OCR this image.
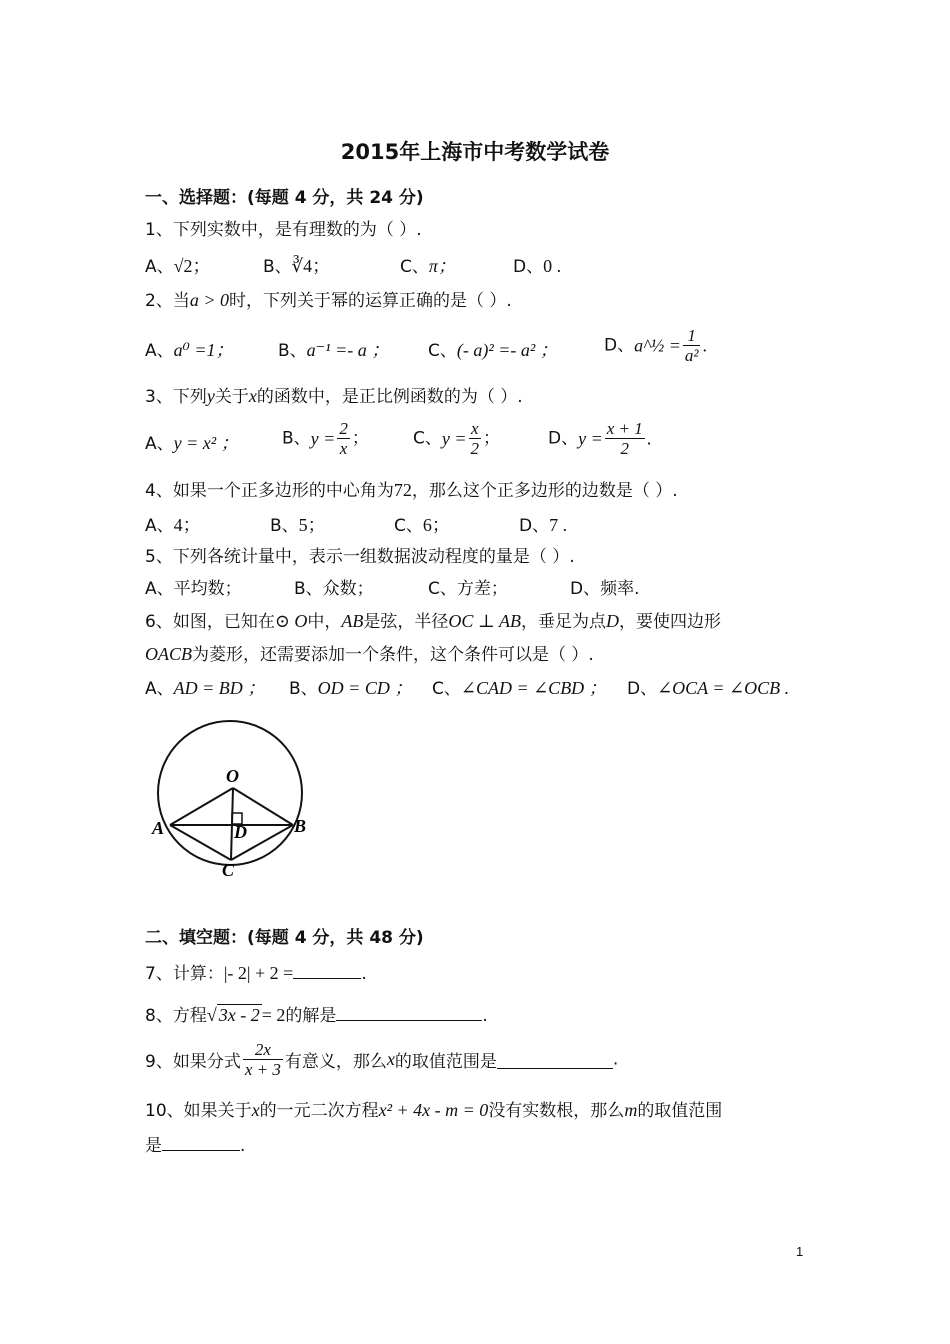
2015年上海市中考数学试卷
一、选择题：(每题 4 分，共 24 分)
1、下列实数中，是有理数的为（ ）.
A、√2；	B、∛4；	C、π；	D、0 .
2、当a > 0时，下列关于幂的运算正确的是（ ）.
A、a⁰ =1；	B、a⁻¹ =- a ； C、(- a)² =- a² ；	D、a^½ = $\frac{1}{\text{a²}}$ .
3、下列y关于x的函数中，是正比例函数的为（ ）.
A、y = x² ；	B、$y = \frac{2}{x}$ ；	C、$y = \frac{x}{2}$ ；	D、$y = \frac{x + 1}{2}$ .
4、如果一个正多边形的中心角为72，那么这个正多边形的边数是（ ）.
A、4；	B、5；	C、6；	D、7 .
5、下列各统计量中，表示一组数据波动程度的量是（ ）.
A、平均数；	B、众数；	C、方差；	D、频率.
6、如图，已知在⊙ O中，AB是弦，半径OC ⊥ AB，垂足为点D，要使四边形
OACB为菱形，还需要添加一个条件，这个条件可以是（ ）.
A、AD = BD ； B、OD = CD ； C、∠CAD = ∠CBD ； D、∠OCA = ∠OCB .
O
A	B
C
D
二、填空题：(每题 4 分，共 48 分)
7、计算：|- 2| + 2 =	.
8、方程√ 3x - 2 = 2的解是	.
9、如果分式 $\frac{2x}{x + 3}$ 有意义，那么x的取值范围是	.
10、如果关于x的一元二次方程x² + 4x - m = 0没有实数根，那么m的取值范围
是	.
1
